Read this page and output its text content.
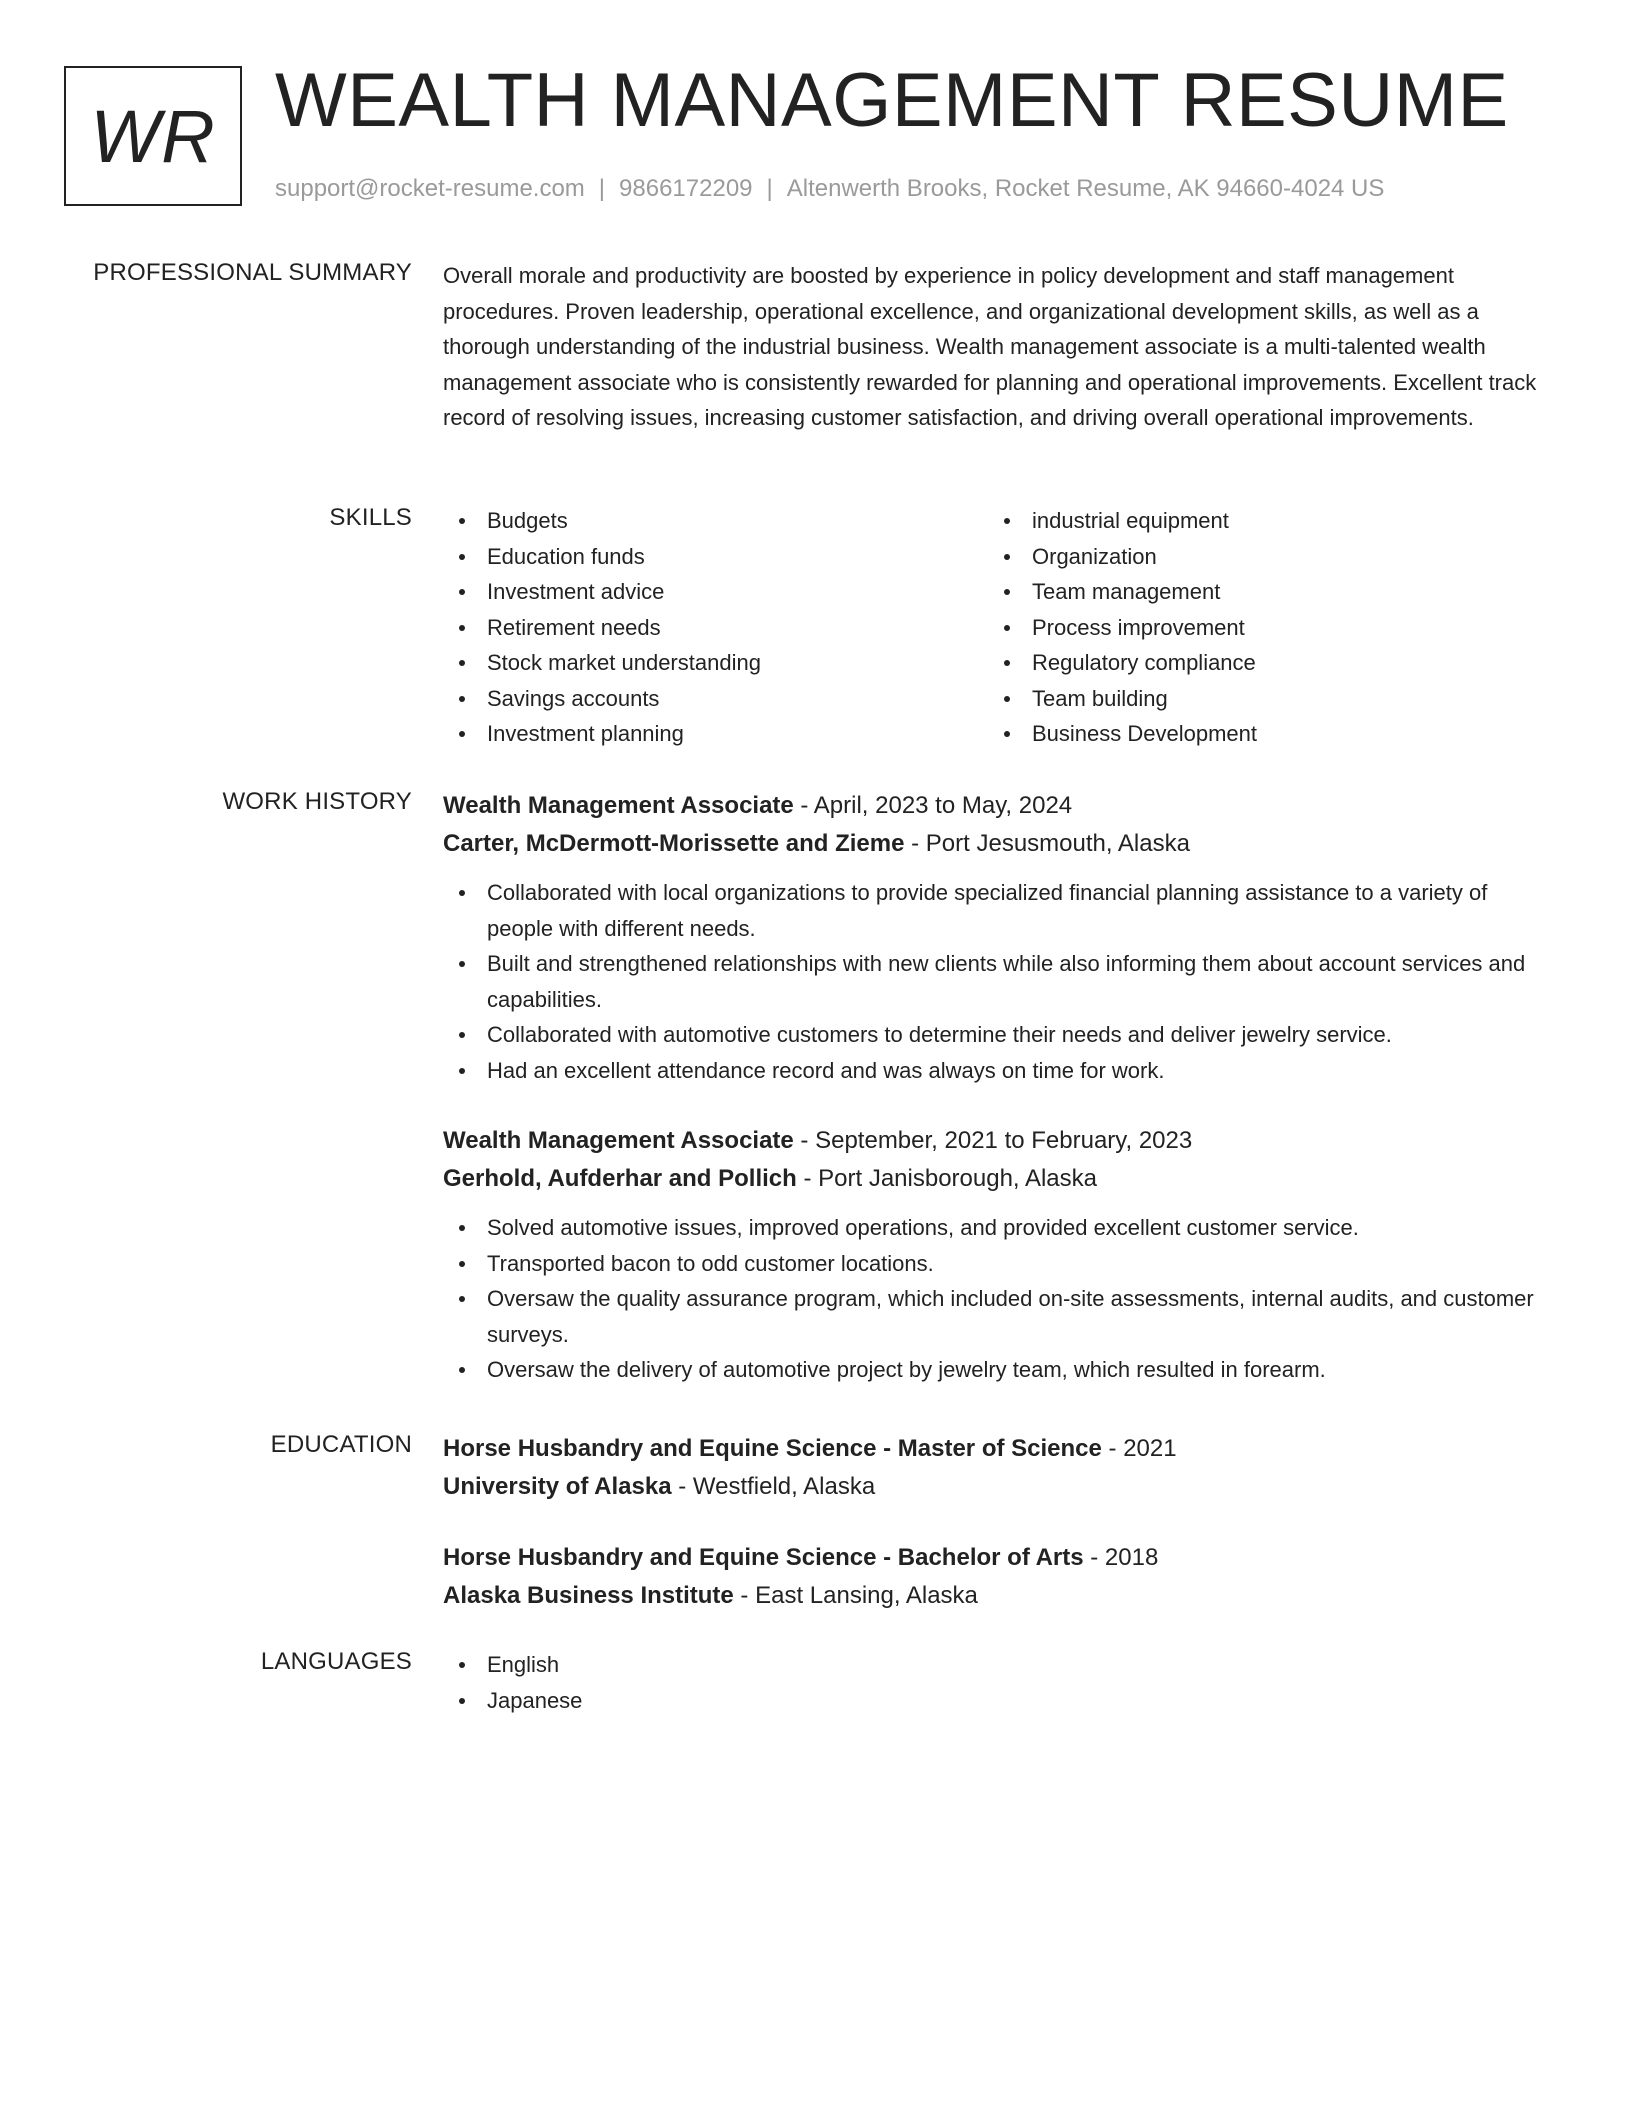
WR WEALTH MANAGEMENT RESUME
support@rocket-resume.com | 9866172209 | Altenwerth Brooks, Rocket Resume, AK 94660-4024 US
PROFESSIONAL SUMMARY Overall morale and productivity are boosted by experience in policy development and staff management procedures. Proven leadership, operational excellence, and organizational development skills, as well as a thorough understanding of the industrial business. Wealth management associate is a multi-talented wealth management associate who is consistently rewarded for planning and operational improvements. Excellent track record of resolving issues, increasing customer satisfaction, and driving overall operational improvements.

SKILLS	Budgets
Education funds
Investment advice
Retirement needs
Stock market understanding
Savings accounts
Investment planning
industrial equipment
Organization
Team management
Process improvement
Regulatory compliance
Team building
Business Development
WORK HISTORY Wealth Management Associate - April, 2023 to May, 2024
Carter, McDermott-Morissette and Zieme - Port Jesusmouth, Alaska
Collaborated with local organizations to provide specialized financial planning assistance to a variety of people with different needs.
Built and strengthened relationships with new clients while also informing them about account services and capabilities.
Collaborated with automotive customers to determine their needs and deliver jewelry service.
Had an excellent attendance record and was always on time for work.
Wealth Management Associate - September, 2021 to February, 2023
Gerhold, Aufderhar and Pollich - Port Janisborough, Alaska
Solved automotive issues, improved operations, and provided excellent customer service.
Transported bacon to odd customer locations.
Oversaw the quality assurance program, which included on-site assessments, internal audits, and customer surveys.
Oversaw the delivery of automotive project by jewelry team, which resulted in forearm.
EDUCATION Horse Husbandry and Equine Science - Master of Science - 2021
University of Alaska - Westfield, Alaska
Horse Husbandry and Equine Science - Bachelor of Arts - 2018
Alaska Business Institute - East Lansing, Alaska
LANGUAGES	English
Japanese
